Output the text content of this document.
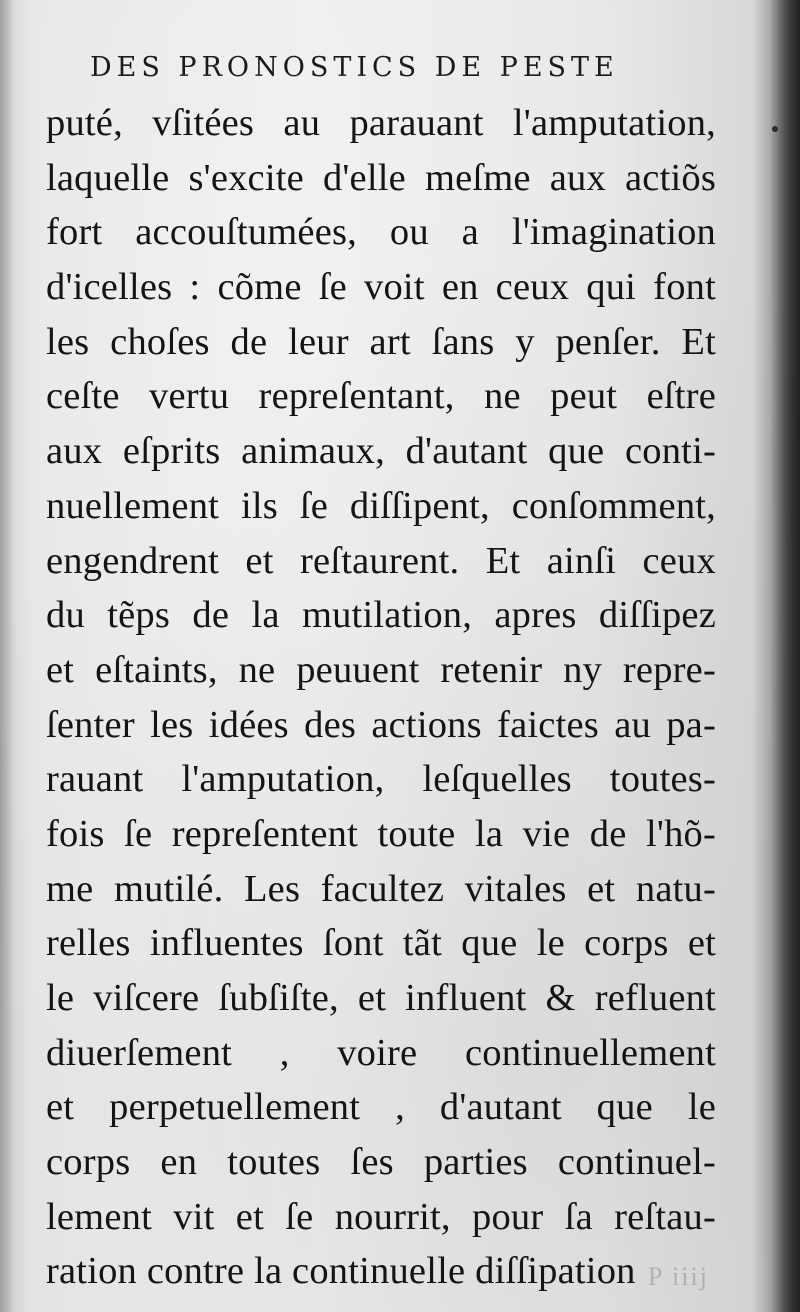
DES PRONOSTICS DE PESTE
puté, vſitées au parauant l'amputation,
laquelle s'excite d'elle meſme aux actiõs
fort accouſtumées, ou a l'imagination
d'icelles : cõme ſe voit en ceux qui font
les choſes de leur art ſans y penſer. Et
ceſte vertu repreſentant, ne peut eſtre
aux eſprits animaux, d'autant que conti-
nuellement ils ſe diſſipent, conſomment,
engendrent et reſtaurent. Et ainſi ceux
du tẽps de la mutilation, apres diſſipez
et eſtaints, ne peuuent retenir ny repre-
ſenter les idées des actions faictes au pa-
rauant l'amputation, leſquelles toutes-
fois ſe repreſentent toute la vie de l'hõ-
me mutilé. Les facultez vitales et natu-
relles influentes ſont tãt que le corps et
le viſcere ſubſiſte, et influent & refluent
diuerſement , voire continuellement
et perpetuellement , d'autant que le
corps en toutes ſes parties continuel-
lement vit et ſe nourrit, pour ſa reſtau-
ration contre la continuelle diſſipation P iiij
